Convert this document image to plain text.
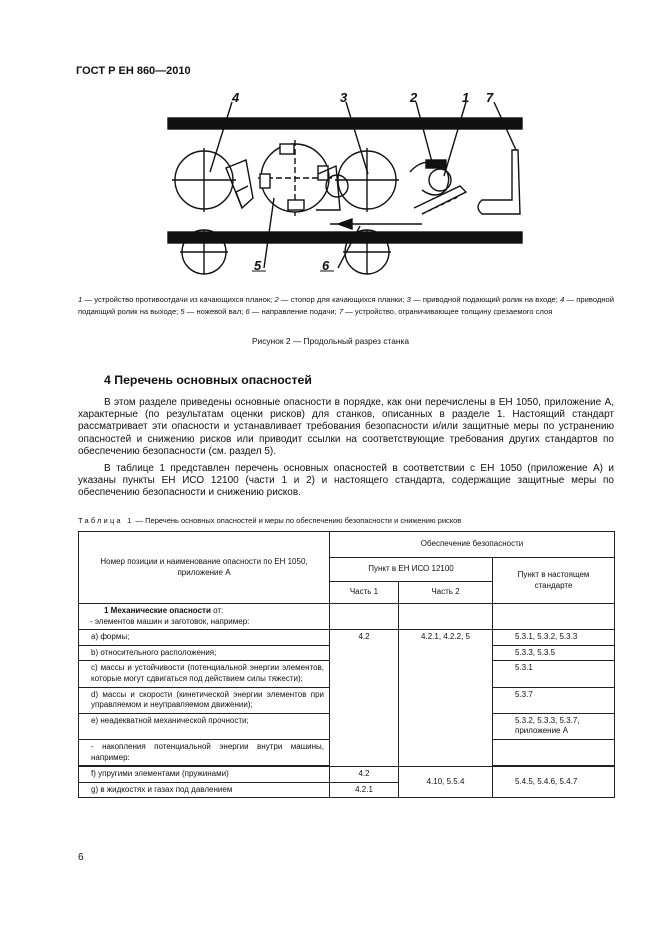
ГОСТ Р ЕН 860—2010
4	3	2	1 7
5	6
1 — устройство противоотдачи из качающихся планок; 2 — стопор для качающихся планки; 3 — приводной подающий ролик на входе; 4 — приводной подающий ролик на выходе; 5 — ножевой вал; 6 — направление подачи; 7 — устройство, ограничивающее толщину срезаемого слоя
Рисунок 2 — Продольный разрез станка
4 Перечень основных опасностей
В этом разделе приведены основные опасности в порядке, как они перечислены в ЕН 1050, приложение А, характерные (по результатам оценки рисков) для станков, описанных в разделе 1. Настоящий стандарт рассматривает эти опасности и устанавливает требования безопасности и/или защитные меры по устранению опасностей и снижению рисков или приводит ссылки на соответствующие требования других стандартов по обеспечению безопасности (см. раздел 5).
В таблице 1 представлен перечень основных опасностей в соответствии с ЕН 1050 (приложение А) и указаны пункты ЕН ИСО 12100 (части 1 и 2) и настоящего стандарта, содержащие защитные меры по обеспечению безопасности и снижению рисков.
Таблица 1 — Перечень основных опасностей и меры по обеспечению безопасности и снижению рисков
Номер позиции и наименование опасности по ЕН 1050, приложение А	Обеспечение безопасности		
	Пункт в ЕН ИСО 12100		Пункт в настоящем стандарте
	Часть 1	Часть 2	
1 Механические опасности от:
- элементов машин и заготовок, например:			
a) формы;	4.2	4.2.1, 4.2.2, 5	5.3.1, 5.3.2, 5.3.3
b) относительного расположения;			5.3.3, 5.3.5
c) массы и устойчивости (потенциальной энергии элементов, которые могут сдвигаться под действием силы тяжести);			5.3.1
d) массы и скорости (кинетической энергии элементов при управляемом и неуправляемом движении);			5.3.7
e) неадекватной механической прочности;			5.3.2, 5.3.3, 5.3.7, приложение А
- накопления потенциальной энергии внутри машины, например:			

f) упругими элементами (пружинами)	4.2	4.10, 5.5.4	5.4.5, 5.4.6, 5.4.7
g) в жидкостях и газах под давлением	4.2.1		
6
